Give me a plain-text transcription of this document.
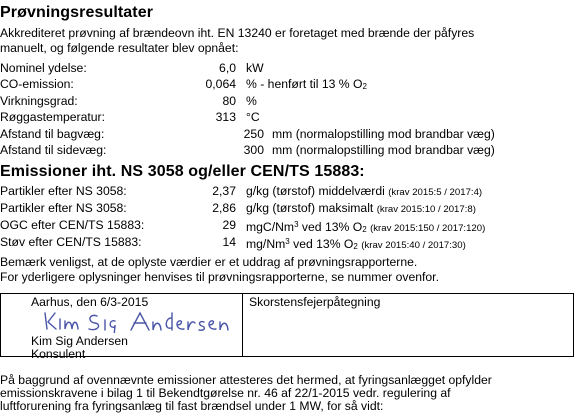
Prøvningsresultater
Akkrediteret prøvning af brændeovn iht. EN 13240 er foretaget med brænde der påfyres
manuelt, og følgende resultater blev opnået:
Nominel ydelse:	6,0 kW
CO-emission:	0,064 % - henført til 13 % O2
Virkningsgrad:	80 %
Røggastemperatur:	313 °C
Afstand til bagvæg:	250 mm (normalopstilling mod brandbar væg)
Afstand til sidevæg:	300 mm (normalopstilling mod brandbar væg)
Emissioner iht. NS 3058 og/eller CEN/TS 15883:
Partikler efter NS 3058:	2,37 g/kg (tørstof) middelværdi (krav 2015:5 / 2017:4)
Partikler efter NS 3058:	2,86 g/kg (tørstof) maksimalt (krav 2015:10 / 2017:8)
OGC efter CEN/TS 15883:	29 mgC/Nm$^3$ ved 13% O2 (krav 2015:150 / 2017:120)
Støv efter CEN/TS 15883:	14 mg/Nm$^3$ ved 13% O2 (krav 2015:40 / 2017:30)
Bemærk venligst, at de oplyste værdier er et uddrag af prøvningsrapporterne.
For yderligere oplysninger henvises til prøvningsrapporterne, se nummer ovenfor.
Aarhus, den 6/3-2015
Kim Sig Andersen
Konsulent
Skorstensfejerpåtegning
På baggrund af ovennævnte emissioner attesteres det hermed, at fyringsanlægget opfylder
emissionskravene i bilag 1 til Bekendtgørelse nr. 46 af 22/1-2015 vedr. regulering af
luftforurening fra fyringsanlæg til fast brændsel under 1 MW, for så vidt:
